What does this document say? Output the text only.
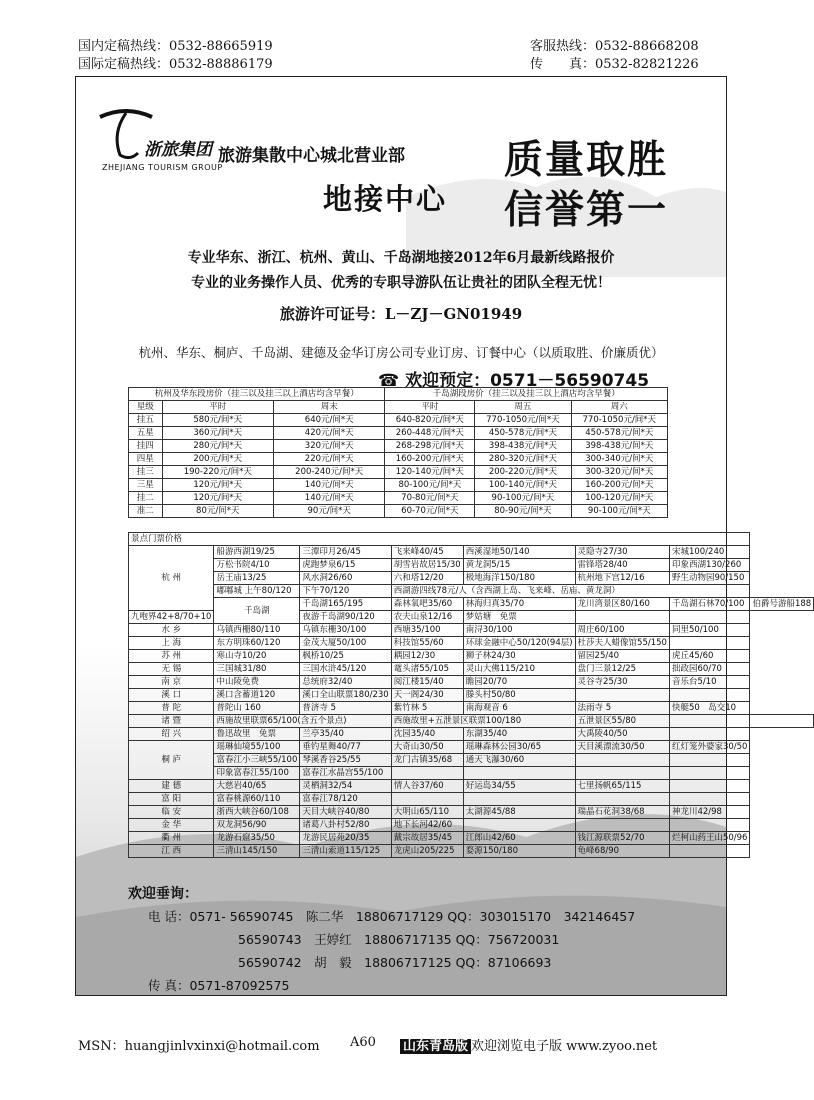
国内定稿热线：0532-88665919
国际定稿热线：0532-88886179
客服热线：0532-88668208
传　　真：0532-82821226
浙旅集团
ZHEJIANG TOURISM GROUP
旅游集散中心城北营业部
地接中心
质量取胜
信誉第一
专业华东、浙江、杭州、黄山、千岛湖地接2012年6月最新线路报价
专业的业务操作人员、优秀的专职导游队伍让贵社的团队全程无忧！
旅游许可证号：L－ZJ－GN01949
杭州、华东、桐庐、千岛湖、建德及金华订房公司专业订房、订餐中心（以质取胜、价廉质优）
☎ 欢迎预定：0571－56590745
杭州及华东段房价（挂三以及挂三以上酒店均含早餐）			千岛湖段房价（挂三以及挂三以上酒店均含早餐）		
星级	平时	周末	平时	周五	周六
挂五	580元/间*天	640元/间*天	640-820元/间*天	770-1050元/间*天	770-1050元/间*天
五星	360元/间*天	420元/间*天	260-448元/间*天	450-578元/间*天	450-578元/间*天
挂四	280元/间*天	320元/间*天	268-298元/间*天	398-438元/间*天	398-438元/间*天
四星	200元/间*天	220元/间*天	160-200元/间*天	280-320元/间*天	300-340元/间*天
挂三	190-220元/间*天	200-240元/间*天	120-140元/间*天	200-220元/间*天	300-320元/间*天
三星	120元/间*天	140元/间*天	80-100元/间*天	100-140元/间*天	160-200元/间*天
挂二	120元/间*天	140元/间*天	70-80元/间*天	90-100元/间*天	100-120元/间*天
准二	80元/间*天	90元/间*天	60-70元/间*天	80-90元/间*天	90-100元/间*天
景点门票价格							
杭 州	船游西湖19/25	三潭印月26/45	飞来峰40/45	西溪湿地50/140	灵隐寺27/30	宋城100/240	
	万松书院4/10	虎跑梦泉6/15	胡雪岩故居15/30	黄龙洞5/15	雷锋塔28/40	印象西湖130/260	
	岳王庙13/25	风水洞26/60	六和塔12/20	极地海洋150/180	杭州地下宫12/16	野生动物园90/150	
	嘟嘟城 上午80/120	下午70/120	西湖游四线78元/人（含西湖上岛、飞来峰、岳庙、黄龙洞）				
	千岛湖	千岛湖165/195	森林氧吧35/60	林海归真35/70	龙川湾景区80/160	千岛湖石林70/100	伯爵号游船188
九咆界42+8/70+10		夜游千岛湖90/120	农夫山泉12/16	梦姑塘　免票			
水 乡	乌镇西栅80/110	乌镇东栅30/100	西塘35/100	南浔30/100	周庄60/100	同里50/100	
上 海	东方明珠60/120	金茂大厦50/100	科技馆55/60	环球金融中心50/120(94层)	杜莎夫人蜡像馆55/150		
苏 州	寒山寺10/20	枫桥10/25	耦园12/30	狮子林24/30	留园25/40	虎丘45/60	
无 锡	三国城31/80	三国水浒45/120	鼋头渚55/105	灵山大佛115/210	盘门三景12/25	拙政园60/70	
南 京	中山陵免费	总统府32/40	阅江楼15/40	瞻园20/70	灵谷寺25/30	音乐台5/10	
溪 口	溪口含蓄道120	溪口全山联票180/230	天一阁24/30	滕头村50/80			
普 陀	普陀山 160	普济寺 5	紫竹林 5	南海观音 6	法雨寺 5	快艇50　岛交10	
诸 暨	西施故里联票65/100(含五个景点)		西施故里+五泄景区联票100/180		五泄景区55/80		
绍 兴	鲁迅故里　免票	兰亭35/40	沈园35/40	东湖35/40	大禹陵40/50		
桐 庐	瑶琳仙境55/100	垂钓星舞40/77	大奇山30/50	瑶琳森林公园30/65	天目溪漂流30/50	红灯笼外婆家30/50	
	富春江小三峡55/100	琴溪香谷25/55	龙门古镇35/68	通天飞瀑30/60			
	印象富春江55/100	富春江水晶宫55/100					
建 德	大慈岩40/65	灵栖洞32/54	情人谷37/60	好运岛34/55	七里扬帆65/115		
富 阳	富春桃源60/110	富春江78/120					
临 安	浙西大峡谷60/108	天目大峡谷40/80	大明山65/110	太湖源45/88	瑞晶石花洞38/68	神龙川42/98	
金 华	双龙洞56/90	诸葛八卦村52/80	地下长河42/60				
衢 州	龙游石窟35/50	龙游民居苑20/35	戴宗故居35/45	江郎山42/60	钱江源联票52/70	烂柯山药王山50/96	
江 西	三清山145/150	三清山索道115/125	龙虎山205/225	婺源150/180	龟峰68/90		
欢迎垂询：
电 话：0571- 56590745　陈二华　18806717129 QQ：303015170　342146457
56590743　王婷红　18806717135 QQ：756720031
56590742　胡　毅　18806717125 QQ：87106693
传 真：0571-87092575
MSN：huangjinlvxinxi@hotmail.com A60 山东青岛版 欢迎浏览电子版 www.zyoo.net
